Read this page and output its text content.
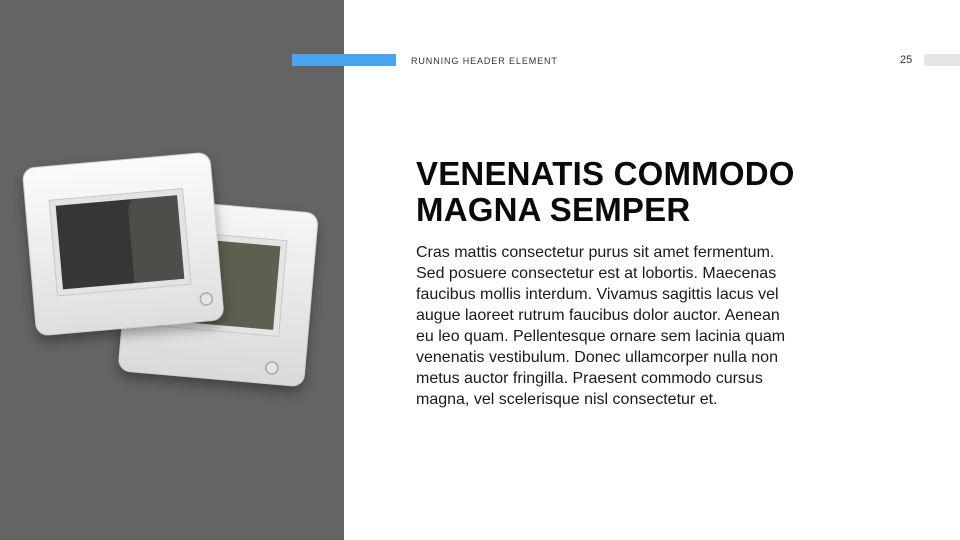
RUNNING HEADER ELEMENT	25
VENENATIS COMMODO
MAGNA SEMPER

Cras mattis consectetur purus sit amet fermentum.
Sed posuere consectetur est at lobortis. Maecenas
faucibus mollis interdum. Vivamus sagittis lacus vel
augue laoreet rutrum faucibus dolor auctor. Aenean
eu leo quam. Pellentesque ornare sem lacinia quam
venenatis vestibulum. Donec ullamcorper nulla non
metus auctor fringilla. Praesent commodo cursus
magna, vel scelerisque nisl consectetur et.
